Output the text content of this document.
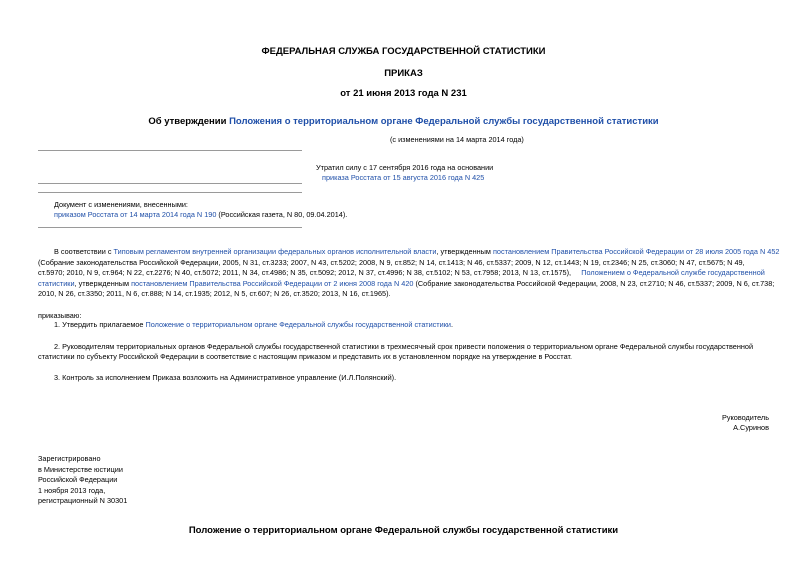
ФЕДЕРАЛЬНАЯ СЛУЖБА ГОСУДАРСТВЕННОЙ СТАТИСТИКИ
ПРИКАЗ
от 21 июня 2013 года N 231
Об утверждении Положения о территориальном органе Федеральной службы государственной статистики
(с изменениями на 14 марта 2014 года)
Утратил силу с 17 сентября 2016 года на основании
приказа Росстата от 15 августа 2016 года N 425
Документ с изменениями, внесенными:
приказом Росстата от 14 марта 2014 года N 190 (Российская газета, N 80, 09.04.2014).
В соответствии с Типовым регламентом внутренней организации федеральных органов исполнительной власти, утвержденным постановлением Правительства Российской Федерации от 28 июля 2005 года N 452
(Собрание законодательства Российской Федерации, 2005, N 31, ст.3233; 2007, N 43, ст.5202; 2008, N 9, ст.852; N 14, ст.1413; N 46, ст.5337; 2009, N 12, ст.1443; N 19, ст.2346; N 25, ст.3060; N 47, ст.5675; N 49,
ст.5970; 2010, N 9, ст.964; N 22, ст.2276; N 40, ст.5072; 2011, N 34, ст.4986; N 35, ст.5092; 2012, N 37, ст.4996; N 38, ст.5102; N 53, ст.7958; 2013, N 13, ст.1575), Положением о Федеральной службе государственной
статистики, утвержденным постановлением Правительства Российской Федерации от 2 июня 2008 года N 420 (Собрание законодательства Российской Федерации, 2008, N 23, ст.2710; N 46, ст.5337; 2009, N 6, ст.738;
2010, N 26, ст.3350; 2011, N 6, ст.888; N 14, ст.1935; 2012, N 5, ст.607; N 26, ст.3520; 2013, N 16, ст.1965).
приказываю:
1. Утвердить прилагаемое Положение о территориальном органе Федеральной службы государственной статистики.
2. Руководителям территориальных органов Федеральной службы государственной статистики в трехмесячный срок привести положения о территориальном органе Федеральной службы государственной
статистики по субъекту Российской Федерации в соответствие с настоящим приказом и представить их в установленном порядке на утверждение в Росстат.
3. Контроль за исполнением Приказа возложить на Административное управление (И.Л.Полянский).
Руководитель
А.Суринов
Зарегистрировано
в Министерстве юстиции
Российской Федерации
1 ноября 2013 года,
регистрационный N 30301
Положение о территориальном органе Федеральной службы государственной статистики
